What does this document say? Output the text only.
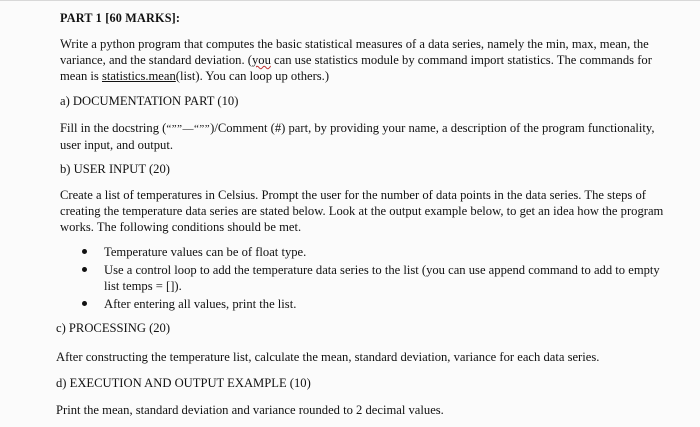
PART 1 [60 MARKS]:
Write a python program that computes the basic statistical measures of a data series, namely the min, max, mean, the variance, and the standard deviation. (you can use statistics module by command import statistics. The commands for mean is statistics.mean(list). You can loop up others.)
a) DOCUMENTATION PART (10)
Fill in the docstring (“””—“””)/Comment (#) part, by providing your name, a description of the program functionality, user input, and output.
b) USER INPUT (20)
Create a list of temperatures in Celsius. Prompt the user for the number of data points in the data series. The steps of creating the temperature data series are stated below. Look at the output example below, to get an idea how the program works. The following conditions should be met.
Temperature values can be of float type.
Use a control loop to add the temperature data series to the list (you can use append command to add to empty list temps = []).
After entering all values, print the list.
c) PROCESSING (20)
After constructing the temperature list, calculate the mean, standard deviation, variance for each data series.
d) EXECUTION AND OUTPUT EXAMPLE (10)
Print the mean, standard deviation and variance rounded to 2 decimal values.
